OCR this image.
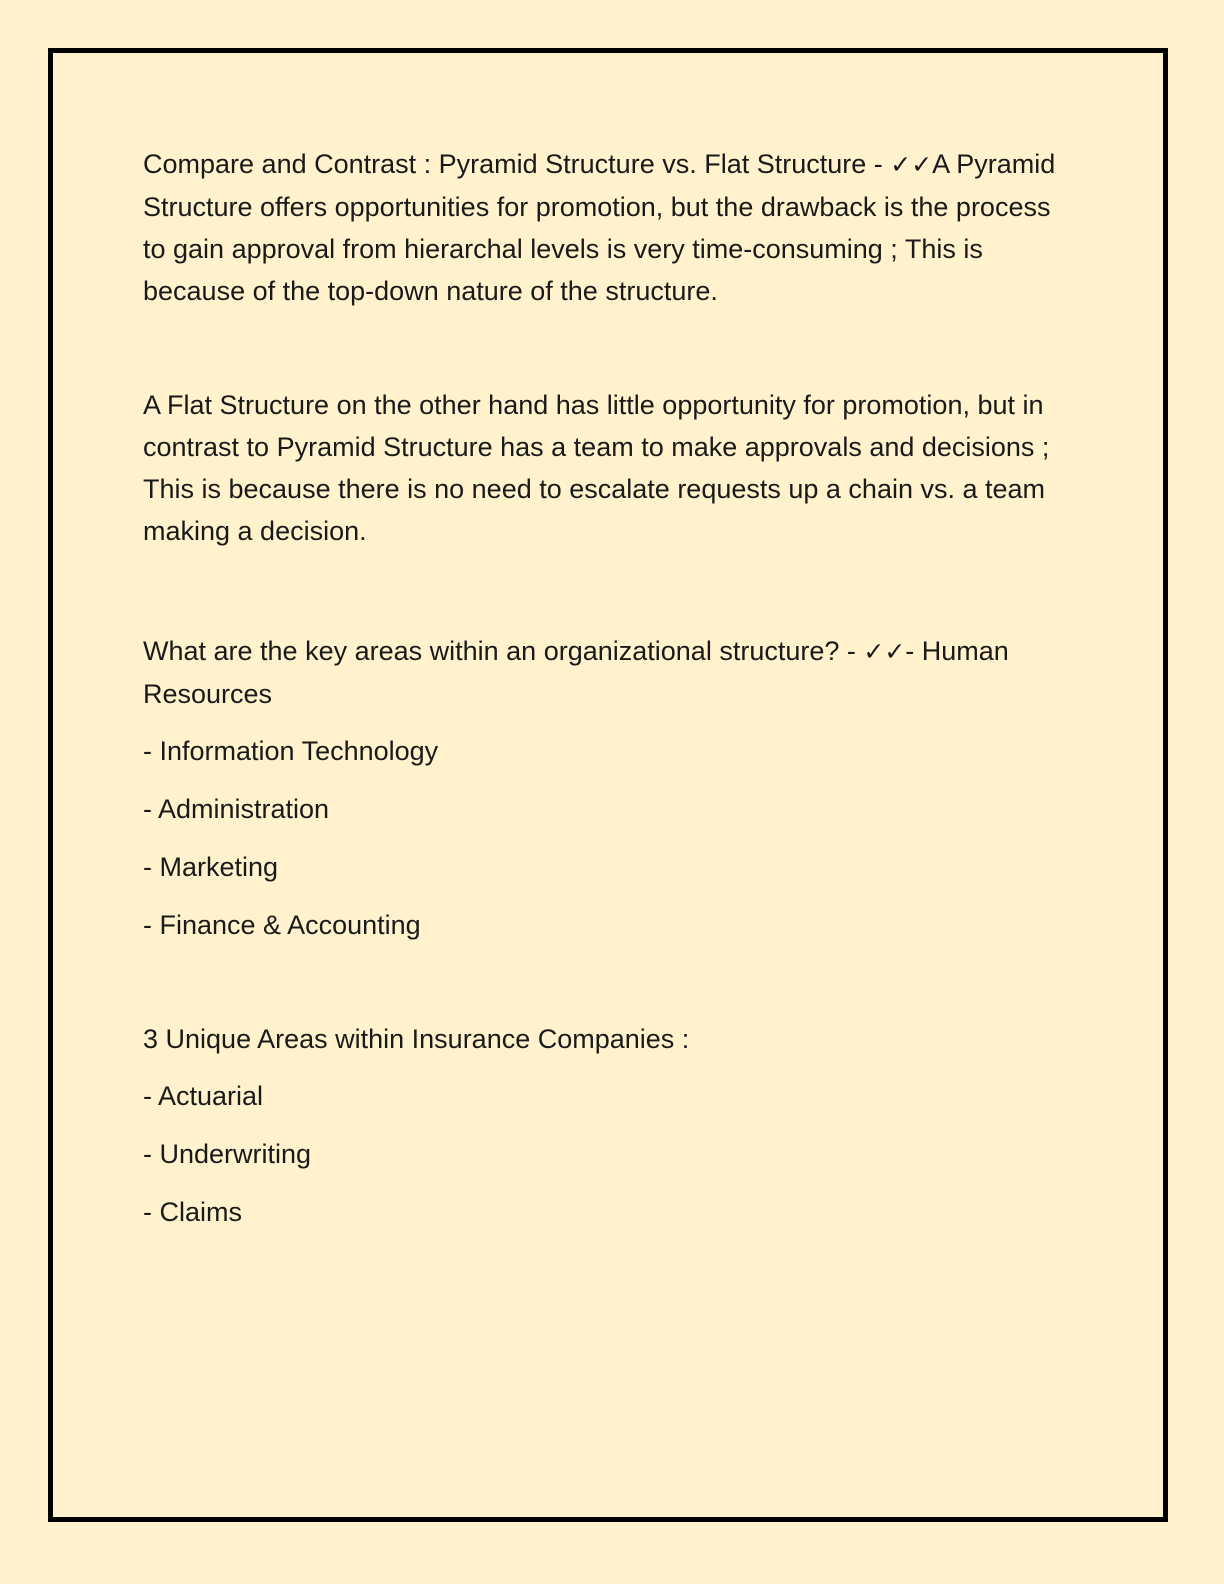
Compare and Contrast : Pyramid Structure vs. Flat Structure - ✓✓A Pyramid Structure offers opportunities for promotion, but the drawback is the process to gain approval from hierarchal levels is very time-consuming ; This is because of the top-down nature of the structure.

A Flat Structure on the other hand has little opportunity for promotion, but in contrast to Pyramid Structure has a team to make approvals and decisions ; This is because there is no need to escalate requests up a chain vs. a team making a decision.

What are the key areas within an organizational structure? - ✓✓- Human Resources

- Information Technology

- Administration

- Marketing

- Finance & Accounting

3 Unique Areas within Insurance Companies :

- Actuarial

- Underwriting

- Claims
